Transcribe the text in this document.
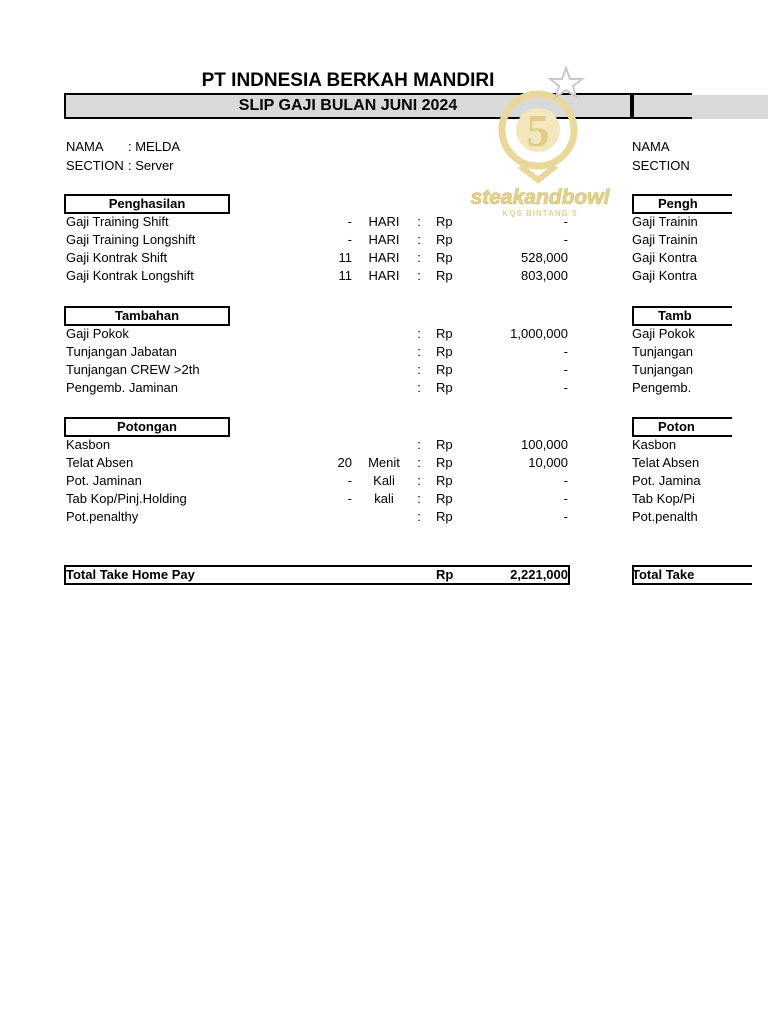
PT INDNESIA BERKAH MANDIRI
SLIP GAJI BULAN JUNI 2024	5
steakandbowl
KQS BINTANG 5
NAMA : MELDA
SECTION : Server
Penghasilan
Gaji Training Shift	-	HARI	: Rp	-
Gaji Training Longshift	-	HARI	: Rp	-
Gaji Kontrak Shift	11	HARI	: Rp	528,000
Gaji Kontrak Longshift	11	HARI	: Rp	803,000
Tambahan
Gaji Pokok	: Rp	1,000,000
Tunjangan Jabatan	: Rp	-
Tunjangan CREW >2th	: Rp	-
Pengemb. Jaminan	: Rp	-
Potongan
Kasbon	: Rp	100,000
Telat Absen	20	Menit	: Rp	10,000
Pot. Jaminan	-	Kali	: Rp	-
Tab Kop/Pinj.Holding	-	kali	: Rp	-
Pot.penalthy	: Rp	-
Total Take Home Pay	Rp	2,221,000
NAMA
SECTION
Pengh
Gaji Trainin
Gaji Trainin
Gaji Kontra
Gaji Kontra
Tamb
Gaji Pokok
Tunjangan
Tunjangan
Pengemb.
Poton
Kasbon
Telat Absen
Pot. Jamina
Tab Kop/Pi
Pot.penalth
Total Take
